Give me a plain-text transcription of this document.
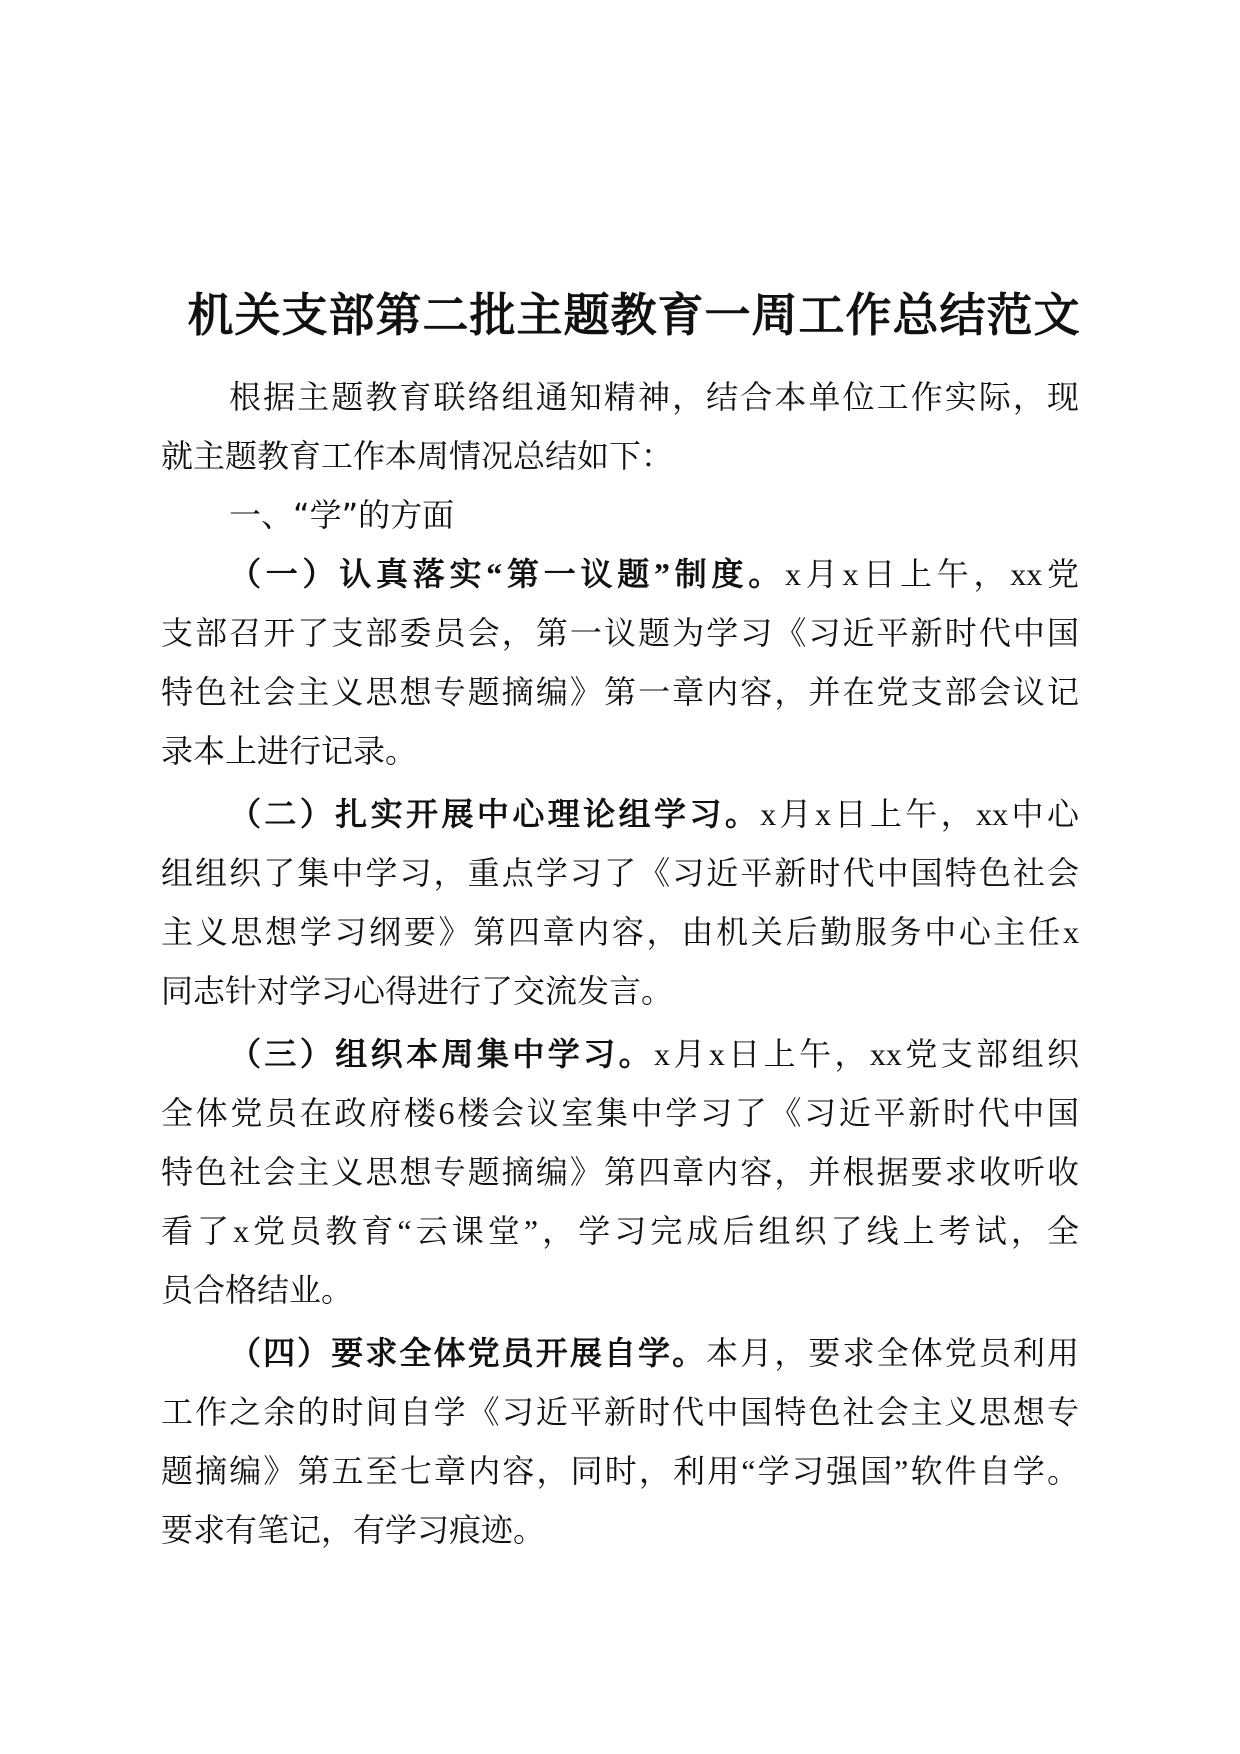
机关支部第二批主题教育一周工作总结范文
根据主题教育联络组通知精神，结合本单位工作实际，现
就主题教育工作本周情况总结如下：
一、“学”的方面
（一）认真落实“第一议题”制度。x月x日上午，xx党
支部召开了支部委员会，第一议题为学习《习近平新时代中国
特色社会主义思想专题摘编》第一章内容，并在党支部会议记
录本上进行记录。
（二）扎实开展中心理论组学习。x月x日上午，xx中心
组组织了集中学习，重点学习了《习近平新时代中国特色社会
主义思想学习纲要》第四章内容，由机关后勤服务中心主任x
同志针对学习心得进行了交流发言。
（三）组织本周集中学习。x月x日上午，xx党支部组织
全体党员在政府楼6楼会议室集中学习了《习近平新时代中国
特色社会主义思想专题摘编》第四章内容，并根据要求收听收
看了x党员教育“云课堂”，学习完成后组织了线上考试，全
员合格结业。
（四）要求全体党员开展自学。本月，要求全体党员利用
工作之余的时间自学《习近平新时代中国特色社会主义思想专
题摘编》第五至七章内容，同时，利用“学习强国”软件自学。
要求有笔记，有学习痕迹。
